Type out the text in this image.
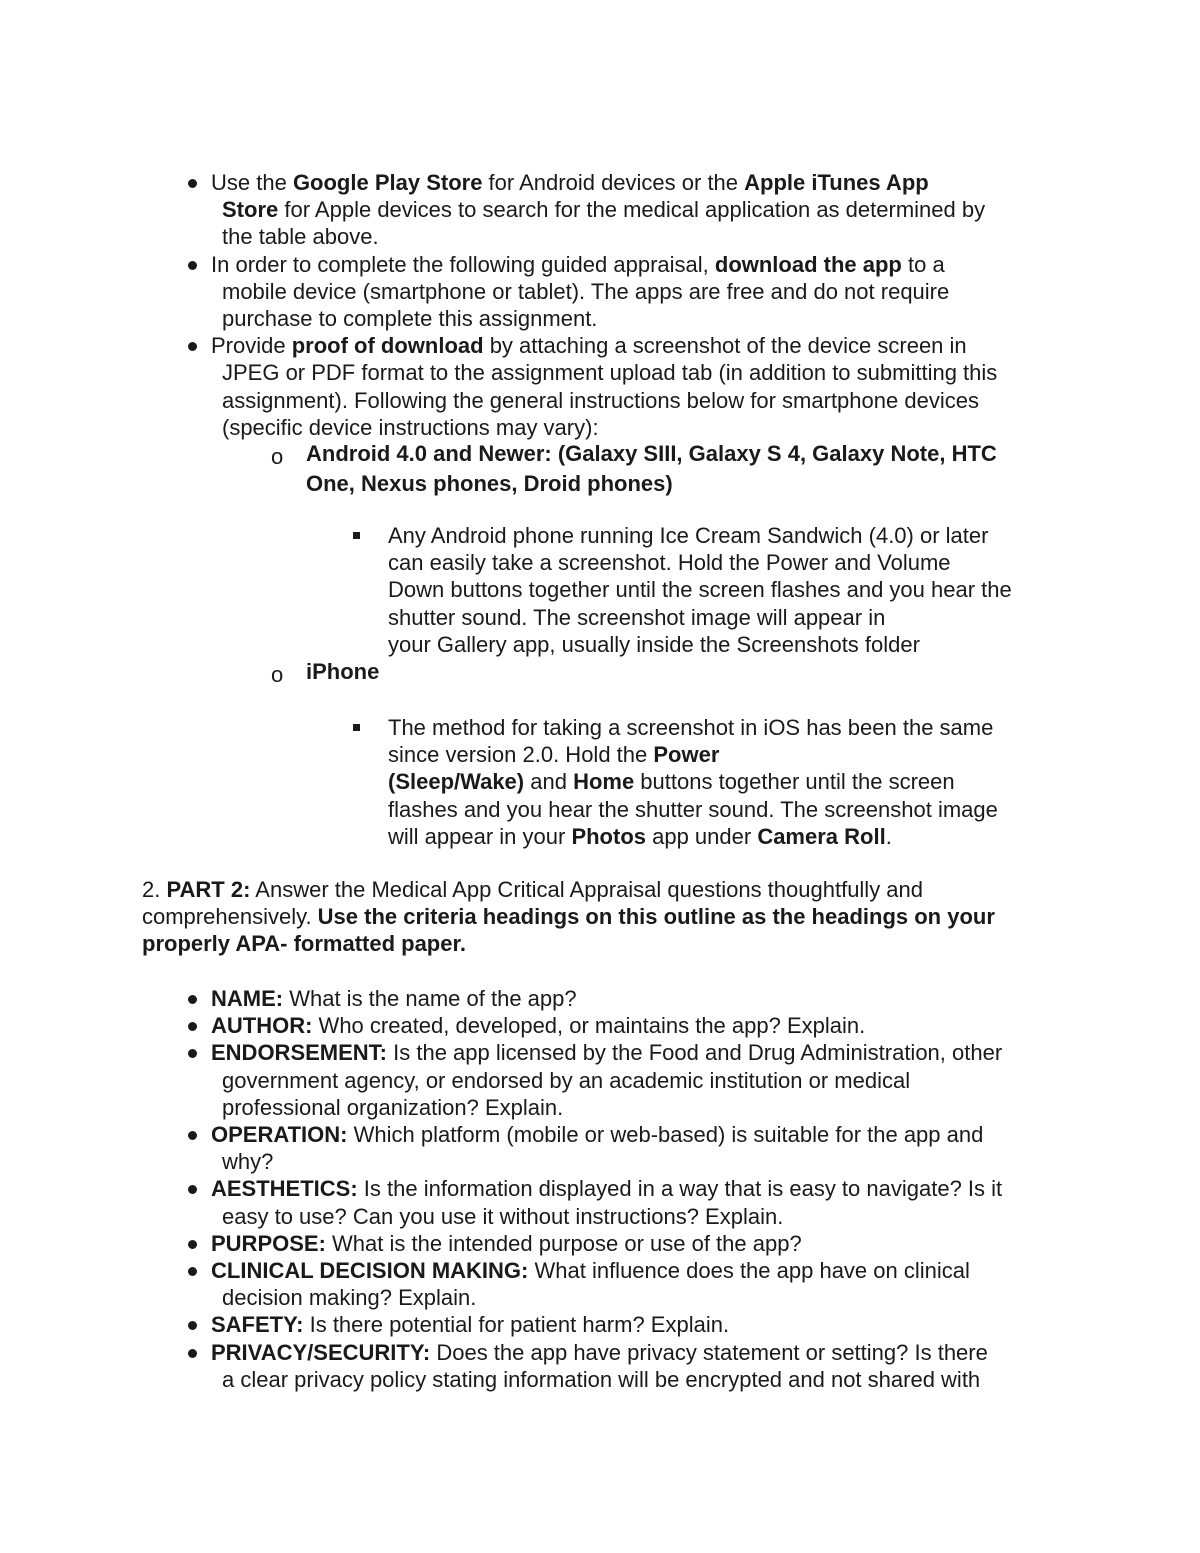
Use the Google Play Store for Android devices or the Apple iTunes App
Store for Apple devices to search for the medical application as determined by
the table above.
In order to complete the following guided appraisal, download the app to a
mobile device (smartphone or tablet). The apps are free and do not require
purchase to complete this assignment.
Provide proof of download by attaching a screenshot of the device screen in
JPEG or PDF format to the assignment upload tab (in addition to submitting this
assignment). Following the general instructions below for smartphone devices
(specific device instructions may vary):
o Android 4.0 and Newer: (Galaxy SIII, Galaxy S 4, Galaxy Note, HTC
One, Nexus phones, Droid phones)
Any Android phone running Ice Cream Sandwich (4.0) or later
can easily take a screenshot. Hold the Power and Volume
Down buttons together until the screen flashes and you hear the
shutter sound. The screenshot image will appear in
your Gallery app, usually inside the Screenshots folder
o iPhone
The method for taking a screenshot in iOS has been the same
since version 2.0. Hold the Power
(Sleep/Wake) and Home buttons together until the screen
flashes and you hear the shutter sound. The screenshot image
will appear in your Photos app under Camera Roll.
2. PART 2: Answer the Medical App Critical Appraisal questions thoughtfully and
comprehensively. Use the criteria headings on this outline as the headings on your
properly APA- formatted paper.
NAME: What is the name of the app?
AUTHOR: Who created, developed, or maintains the app? Explain.
ENDORSEMENT: Is the app licensed by the Food and Drug Administration, other
government agency, or endorsed by an academic institution or medical
professional organization? Explain.
OPERATION: Which platform (mobile or web-based) is suitable for the app and
why?
AESTHETICS: Is the information displayed in a way that is easy to navigate? Is it
easy to use? Can you use it without instructions? Explain.
PURPOSE: What is the intended purpose or use of the app?
CLINICAL DECISION MAKING: What influence does the app have on clinical
decision making? Explain.
SAFETY: Is there potential for patient harm? Explain.
PRIVACY/SECURITY: Does the app have privacy statement or setting? Is there
a clear privacy policy stating information will be encrypted and not shared with
